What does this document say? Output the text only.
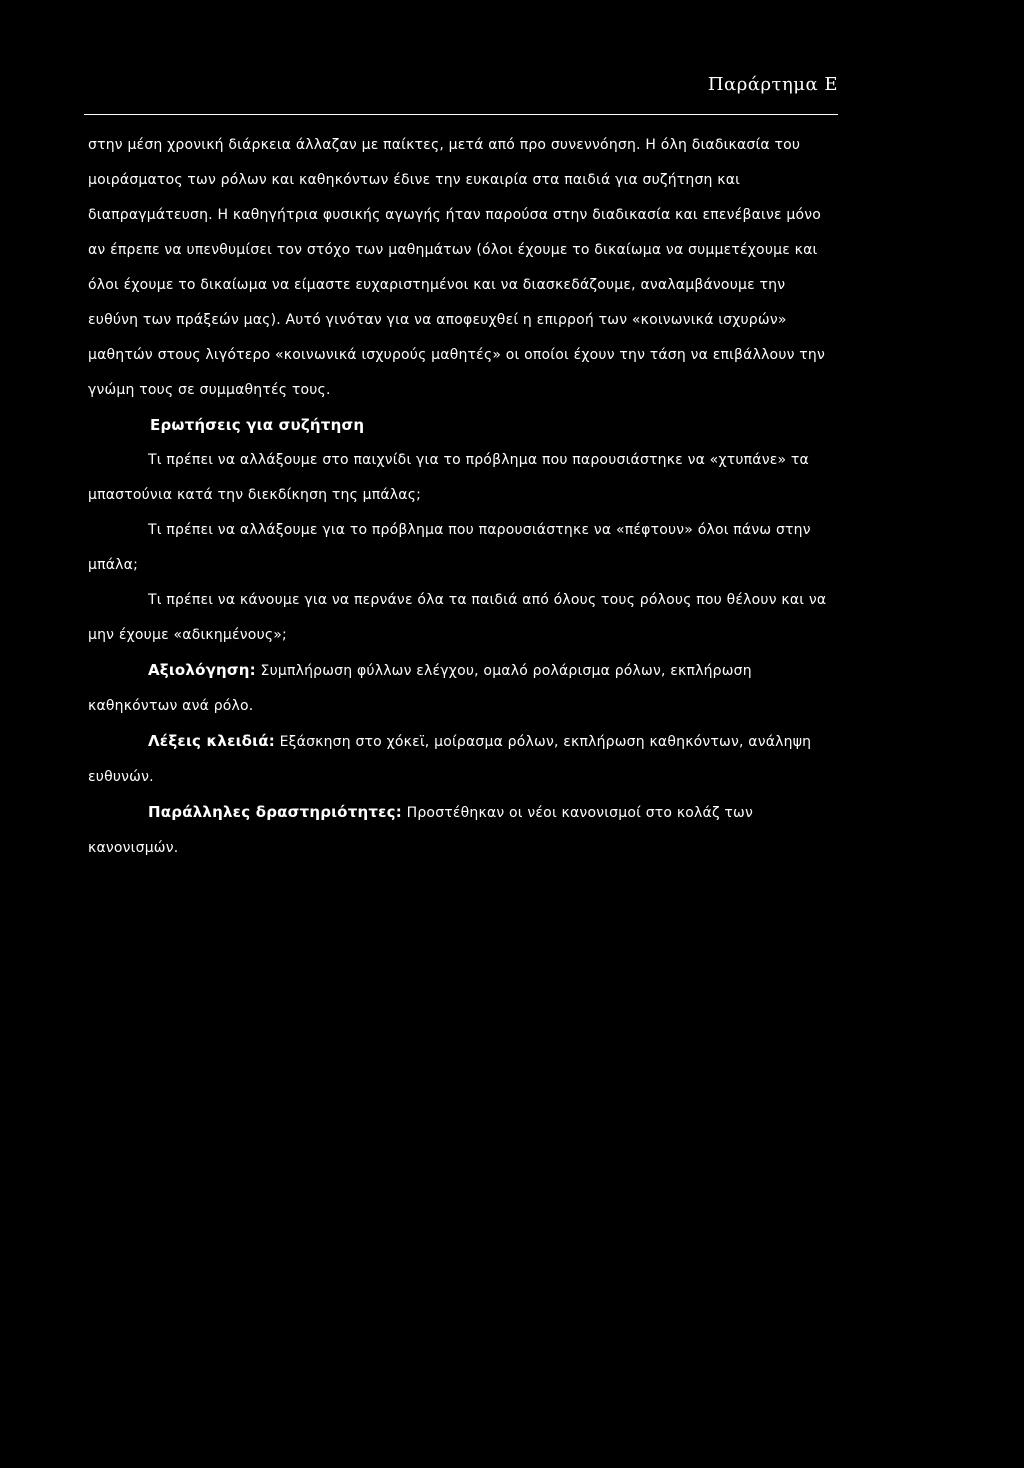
Παράρτημα Ε

στην μέση χρονική διάρκεια άλλαζαν με παίκτες, μετά από προ συνεννόηση. Η όλη διαδικασία του μοιράσματος των ρόλων και καθηκόντων έδινε την ευκαιρία στα παιδιά για συζήτηση και διαπραγμάτευση. Η καθηγήτρια φυσικής αγωγής ήταν παρούσα στην διαδικασία και επενέβαινε μόνο αν έπρεπε να υπενθυμίσει τον στόχο των μαθημάτων (όλοι έχουμε το δικαίωμα να συμμετέχουμε και όλοι έχουμε το δικαίωμα να είμαστε ευχαριστημένοι και να διασκεδάζουμε, αναλαμβάνουμε την ευθύνη των πράξεών μας). Αυτό γινόταν για να αποφευχθεί η επιρροή των «κοινωνικά ισχυρών» μαθητών στους λιγότερο «κοινωνικά ισχυρούς μαθητές» οι οποίοι έχουν την τάση να επιβάλλουν την γνώμη τους σε συμμαθητές τους.

Ερωτήσεις για συζήτηση

Τι πρέπει να αλλάξουμε στο παιχνίδι για το πρόβλημα που παρουσιάστηκε να «χτυπάνε» τα μπαστούνια κατά την διεκδίκηση της μπάλας;

Τι πρέπει να αλλάξουμε για το πρόβλημα που παρουσιάστηκε να «πέφτουν» όλοι πάνω στην μπάλα;

Τι πρέπει να κάνουμε για να περνάνε όλα τα παιδιά από όλους τους ρόλους που θέλουν και να μην έχουμε «αδικημένους»;

Αξιολόγηση: Συμπλήρωση φύλλων ελέγχου, ομαλό ρολάρισμα ρόλων, εκπλήρωση καθηκόντων ανά ρόλο.

Λέξεις κλειδιά: Εξάσκηση στο χόκεϊ, μοίρασμα ρόλων, εκπλήρωση καθηκόντων, ανάληψη ευθυνών.

Παράλληλες δραστηριότητες: Προστέθηκαν οι νέοι κανονισμοί στο κολάζ των κανονισμών.
